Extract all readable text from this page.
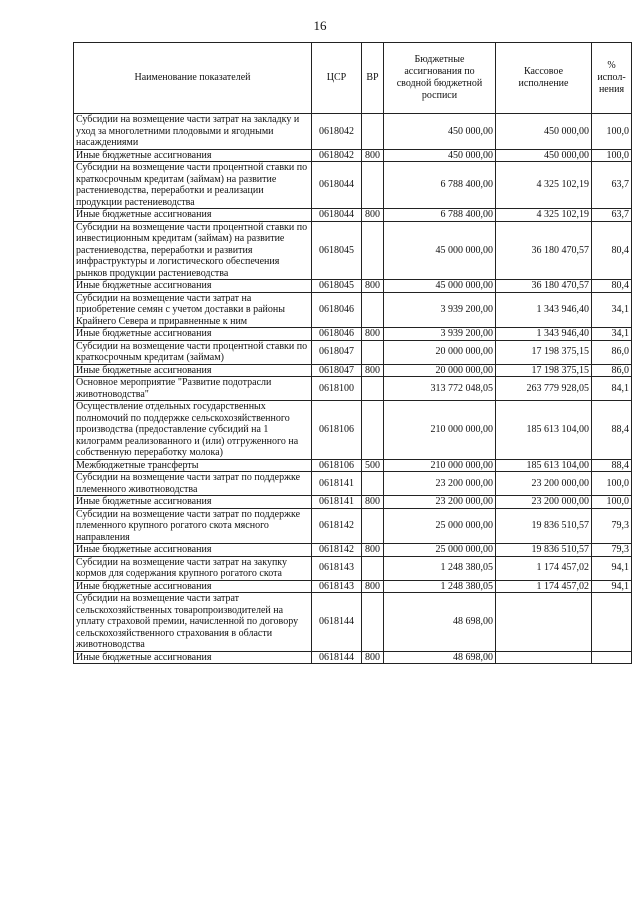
16
Наименование показателей	ЦСР	ВР	Бюджетные ассигнования по сводной бюджетной росписи	Кассовое исполнение	% испол-нения
Субсидии на возмещение части затрат на закладку и уход за многолетними плодовыми и ягодными насаждениями	0618042		450 000,00	450 000,00	100,0
Иные бюджетные ассигнования	0618042	800	450 000,00	450 000,00	100,0
Субсидии на возмещение части процентной ставки по краткосрочным кредитам (займам) на развитие растениеводства, переработки и реализации продукции растениеводства	0618044		6 788 400,00	4 325 102,19	63,7
Иные бюджетные ассигнования	0618044	800	6 788 400,00	4 325 102,19	63,7
Субсидии на возмещение части процентной ставки по инвестиционным кредитам (займам) на развитие растениеводства, переработки и развития инфраструктуры и логистического обеспечения рынков продукции растениеводства	0618045		45 000 000,00	36 180 470,57	80,4
Иные бюджетные ассигнования	0618045	800	45 000 000,00	36 180 470,57	80,4
Субсидии на возмещение части затрат на приобретение семян с учетом доставки в районы Крайнего Севера и приравненные к ним	0618046		3 939 200,00	1 343 946,40	34,1
Иные бюджетные ассигнования	0618046	800	3 939 200,00	1 343 946,40	34,1
Субсидии на возмещение части процентной ставки по краткосрочным кредитам (займам)	0618047		20 000 000,00	17 198 375,15	86,0
Иные бюджетные ассигнования	0618047	800	20 000 000,00	17 198 375,15	86,0
Основное мероприятие "Развитие подотрасли животноводства"	0618100		313 772 048,05	263 779 928,05	84,1
Осуществление отдельных государственных полномочий по поддержке сельскохозяйственного производства (предоставление субсидий на 1 килограмм реализованного и (или) отгруженного на собственную переработку молока)	0618106		210 000 000,00	185 613 104,00	88,4
Межбюджетные трансферты	0618106	500	210 000 000,00	185 613 104,00	88,4
Субсидии на возмещение части затрат по поддержке племенного животноводства	0618141		23 200 000,00	23 200 000,00	100,0
Иные бюджетные ассигнования	0618141	800	23 200 000,00	23 200 000,00	100,0
Субсидии на возмещение части затрат по поддержке племенного крупного рогатого скота мясного направления	0618142		25 000 000,00	19 836 510,57	79,3
Иные бюджетные ассигнования	0618142	800	25 000 000,00	19 836 510,57	79,3
Субсидии на возмещение части затрат на закупку кормов для содержания крупного рогатого скота	0618143		1 248 380,05	1 174 457,02	94,1
Иные бюджетные ассигнования	0618143	800	1 248 380,05	1 174 457,02	94,1
Субсидии на возмещение части затрат сельскохозяйственных товаропроизводителей на уплату страховой премии, начисленной по договору сельскохозяйственного страхования в области животноводства	0618144		48 698,00		
Иные бюджетные ассигнования	0618144	800	48 698,00		
